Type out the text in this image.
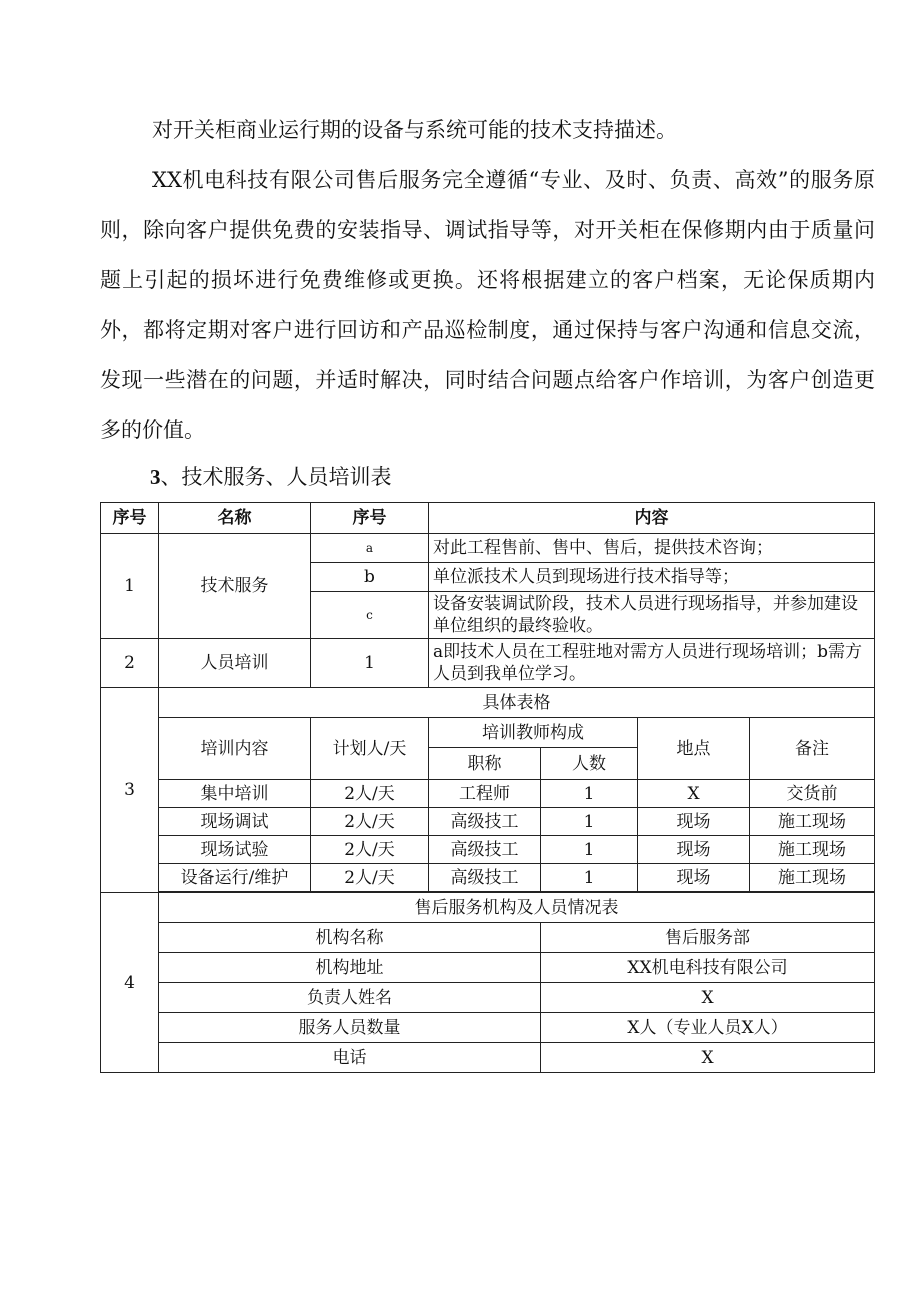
对开关柜商业运行期的设备与系统可能的技术支持描述。

XX机电科技有限公司售后服务完全遵循“专业、及时、负责、高效”的服务原则，除向客户提供免费的安装指导、调试指导等，对开关柜在保修期内由于质量问题上引起的损坏进行免费维修或更换。还将根据建立的客户档案，无论保质期内外，都将定期对客户进行回访和产品巡检制度，通过保持与客户沟通和信息交流，发现一些潜在的问题，并适时解决，同时结合问题点给客户作培训，为客户创造更多的价值。

3、技术服务、人员培训表

序号	名称	序号	内容			
1	技术服务	a	对此工程售前、售中、售后，提供技术咨询；			
		b	单位派技术人员到现场进行技术指导等；			
		c	设备安装调试阶段，技术人员进行现场指导，并参加建设单位组织的最终验收。			
2	人员培训	1	a即技术人员在工程驻地对需方人员进行现场培训；b需方人员到我单位学习。			
3	具体表格					
	培训内容	计划人/天	培训教师构成		地点	备注
			职称	人数		
	集中培训	2人/天	工程师	1	X	交货前
	现场调试	2人/天	高级技工	1	现场	施工现场
	现场试验	2人/天	高级技工	1	现场	施工现场
	设备运行/维护	2人/天	高级技工	1	现场	施工现场

4	售后服务机构及人员情况表					
	机构名称			售后服务部		
	机构地址			XX机电科技有限公司		
	负责人姓名			X		
	服务人员数量			X人（专业人员X人）		
	电话			X		
